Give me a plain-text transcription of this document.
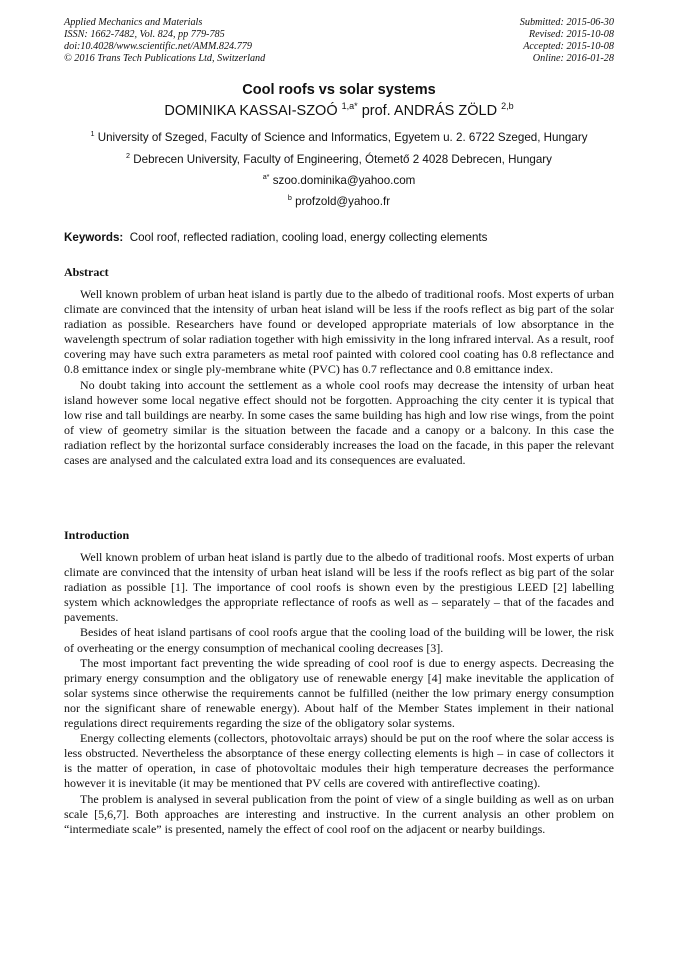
Applied Mechanics and Materials
ISSN: 1662-7482, Vol. 824, pp 779-785
doi:10.4028/www.scientific.net/AMM.824.779
© 2016 Trans Tech Publications Ltd, Switzerland
Submitted: 2015-06-30
Revised: 2015-10-08
Accepted: 2015-10-08
Online: 2016-01-28
Cool roofs vs solar systems
DOMINIKA KASSAI-SZOÓ $^{1,a*}$ prof. ANDRÁS ZÖLD $^{2,b}$
$^1$ University of Szeged, Faculty of Science and Informatics, Egyetem u. 2. 6722 Szeged, Hungary
$^2$ Debrecen University, Faculty of Engineering, Ótemető 2 4028 Debrecen, Hungary
$^{a*}$ szoo.dominika@yahoo.com
$^b$ profzold@yahoo.fr
Keywords: Cool roof, reflected radiation, cooling load, energy collecting elements
Abstract

Well known problem of urban heat island is partly due to the albedo of traditional roofs. Most experts of urban climate are convinced that the intensity of urban heat island will be less if the roofs reflect as big part of the solar radiation as possible. Researchers have found or developed appropriate materials of low absorptance in the wavelength spectrum of solar radiation together with high emissivity in the long infrared interval. As a result, roof covering may have such extra parameters as metal roof painted with colored cool coating has 0.8 reflectance and 0.8 emittance index or single ply-membrane white (PVC) has 0.7 reflectance and 0.8 emittance index.

No doubt taking into account the settlement as a whole cool roofs may decrease the intensity of urban heat island however some local negative effect should not be forgotten. Approaching the city center it is typical that low rise and tall buildings are nearby. In some cases the same building has high and low rise wings, from the point of view of geometry similar is the situation between the facade and a canopy or a balcony. In this case the radiation reflect by the horizontal surface considerably increases the load on the facade, in this paper the relevant cases are analysed and the calculated extra load and its consequences are evaluated.

Introduction

Well known problem of urban heat island is partly due to the albedo of traditional roofs. Most experts of urban climate are convinced that the intensity of urban heat island will be less if the roofs reflect as big part of the solar radiation as possible [1]. The importance of cool roofs is shown even by the prestigious LEED [2] labelling system which acknowledges the appropriate reflectance of roofs as well as – separately – that of the facades and pavements.

Besides of heat island partisans of cool roofs argue that the cooling load of the building will be lower, the risk of overheating or the energy consumption of mechanical cooling decreases [3].

The most important fact preventing the wide spreading of cool roof is due to energy aspects. Decreasing the primary energy consumption and the obligatory use of renewable energy [4] make inevitable the application of solar systems since otherwise the requirements cannot be fulfilled (neither the low primary energy consumption nor the significant share of renewable energy). About half of the Member States implement in their national regulations direct requirements regarding the size of the obligatory solar systems.

Energy collecting elements (collectors, photovoltaic arrays) should be put on the roof where the solar access is less obstructed. Nevertheless the absorptance of these energy collecting elements is high – in case of collectors it is the matter of operation, in case of photovoltaic modules their high temperature decreases the performance however it is inevitable (it may be mentioned that PV cells are covered with antireflective coating).

The problem is analysed in several publication from the point of view of a single building as well as on urban scale [5,6,7]. Both approaches are interesting and instructive. In the current analysis an other problem on “intermediate scale” is presented, namely the effect of cool roof on the adjacent or nearby buildings.
